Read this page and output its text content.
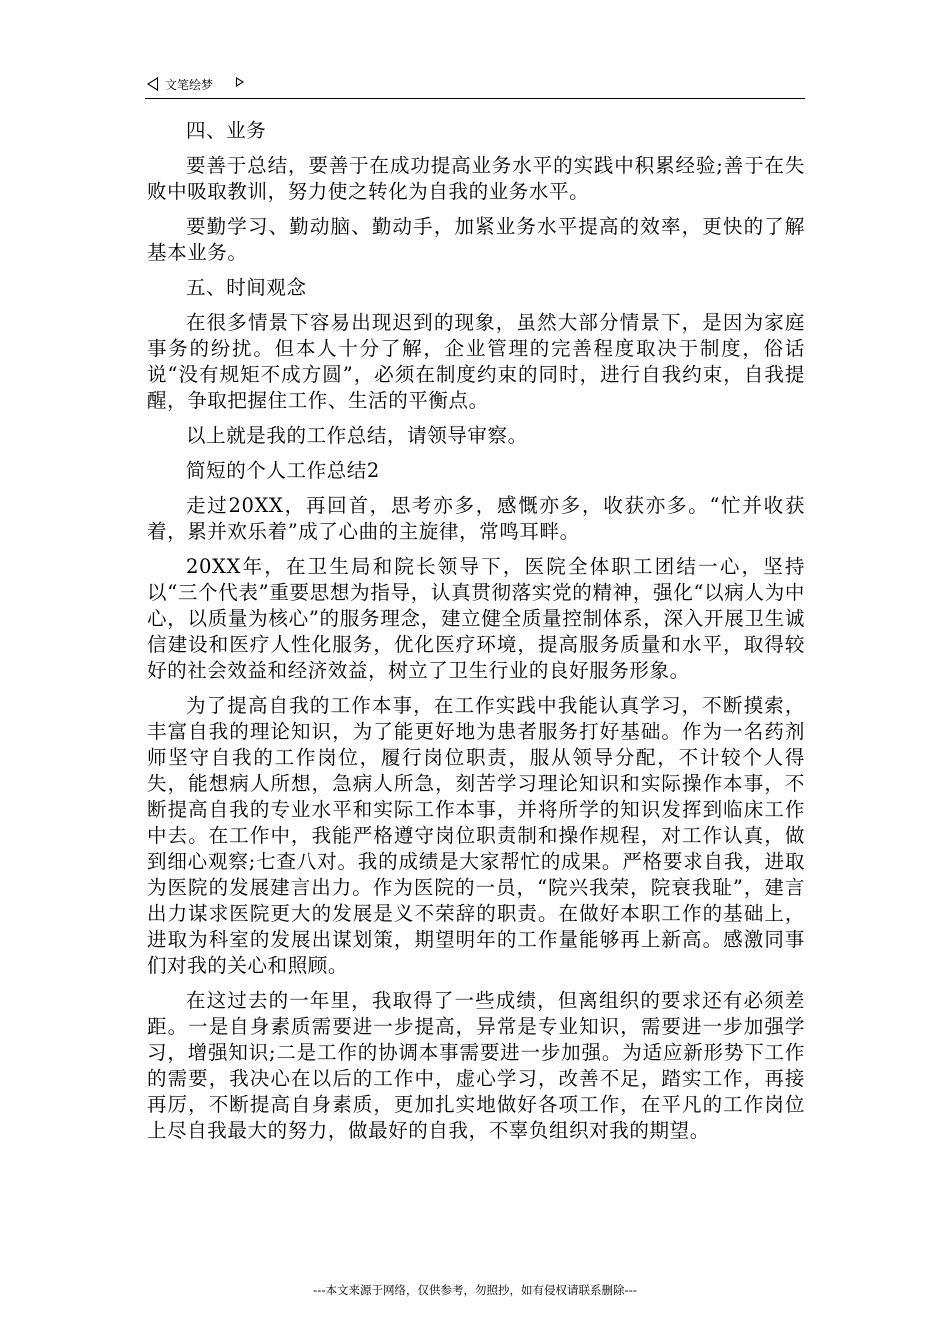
文笔绘梦

四、业务

要善于总结，要善于在成功提高业务水平的实践中积累经验;善于在失败中吸取教训，努力使之转化为自我的业务水平。

要勤学习、勤动脑、勤动手，加紧业务水平提高的效率，更快的了解基本业务。

五、时间观念

在很多情景下容易出现迟到的现象，虽然大部分情景下，是因为家庭事务的纷扰。但本人十分了解，企业管理的完善程度取决于制度，俗话说“没有规矩不成方圆”，必须在制度约束的同时，进行自我约束，自我提醒，争取把握住工作、生活的平衡点。

以上就是我的工作总结，请领导审察。

简短的个人工作总结2

走过20XX，再回首，思考亦多，感慨亦多，收获亦多。“忙并收获着，累并欢乐着”成了心曲的主旋律，常鸣耳畔。

20XX年，在卫生局和院长领导下，医院全体职工团结一心，坚持以“三个代表”重要思想为指导，认真贯彻落实党的精神，强化“以病人为中心，以质量为核心”的服务理念，建立健全质量控制体系，深入开展卫生诚信建设和医疗人性化服务，优化医疗环境，提高服务质量和水平，取得较好的社会效益和经济效益，树立了卫生行业的良好服务形象。

为了提高自我的工作本事，在工作实践中我能认真学习，不断摸索，丰富自我的理论知识，为了能更好地为患者服务打好基础。作为一名药剂师坚守自我的工作岗位，履行岗位职责，服从领导分配，不计较个人得失，能想病人所想，急病人所急，刻苦学习理论知识和实际操作本事，不断提高自我的专业水平和实际工作本事，并将所学的知识发挥到临床工作中去。在工作中，我能严格遵守岗位职责制和操作规程，对工作认真，做到细心观察;七查八对。我的成绩是大家帮忙的成果。严格要求自我，进取为医院的发展建言出力。作为医院的一员，“院兴我荣，院衰我耻”，建言出力谋求医院更大的发展是义不荣辞的职责。在做好本职工作的基础上，进取为科室的发展出谋划策，期望明年的工作量能够再上新高。感激同事们对我的关心和照顾。

在这过去的一年里，我取得了一些成绩，但离组织的要求还有必须差距。一是自身素质需要进一步提高，异常是专业知识，需要进一步加强学习，增强知识;二是工作的协调本事需要进一步加强。为适应新形势下工作的需要，我决心在以后的工作中，虚心学习，改善不足，踏实工作，再接再厉，不断提高自身素质，更加扎实地做好各项工作，在平凡的工作岗位上尽自我最大的努力，做最好的自我，不辜负组织对我的期望。

---本文来源于网络，仅供参考，勿照抄，如有侵权请联系删除---
